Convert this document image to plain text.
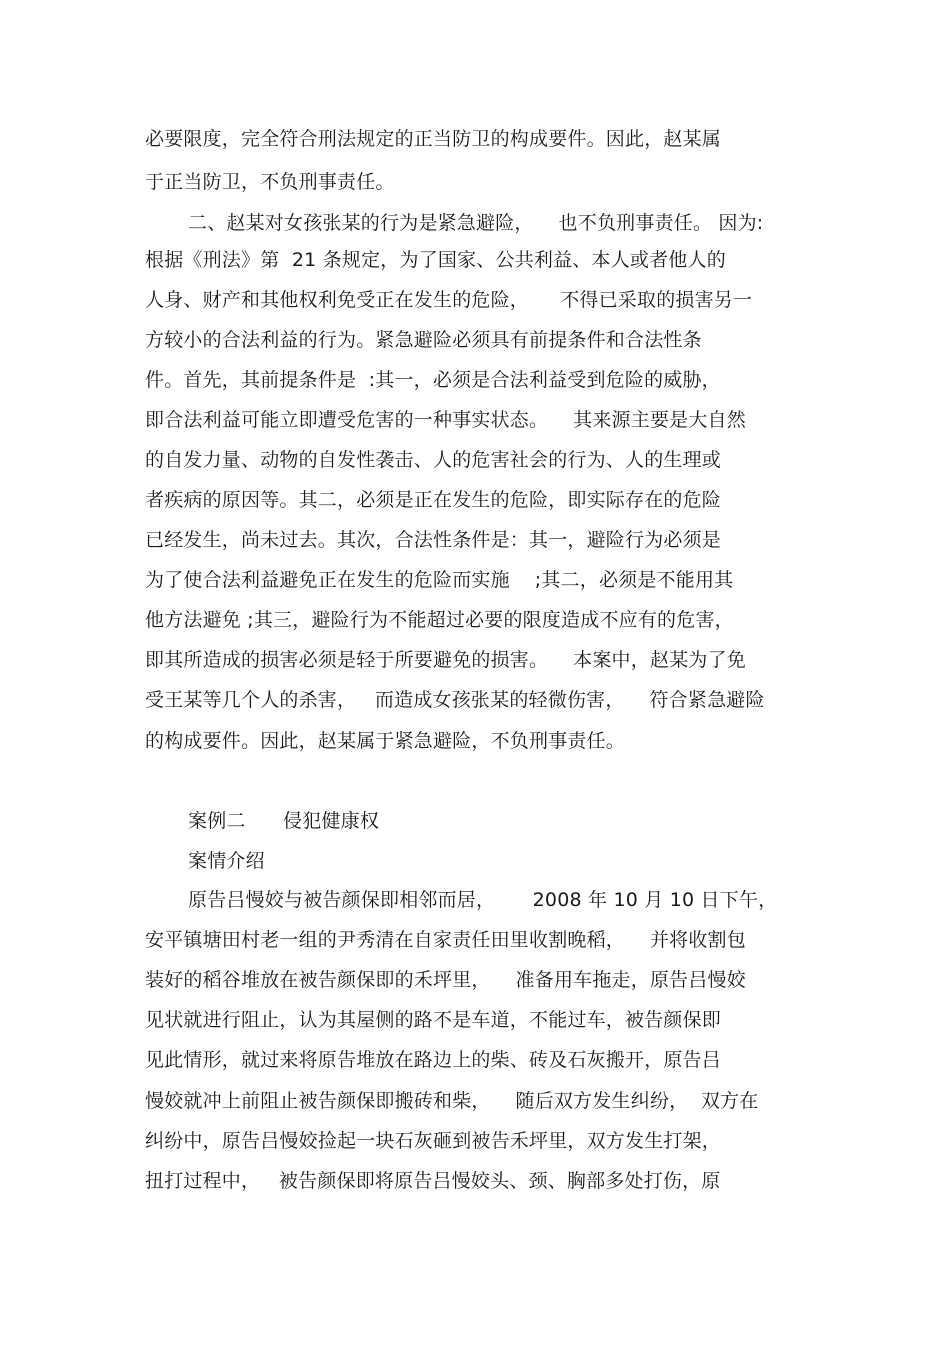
必要限度，完全符合刑法规定的正当防卫的构成要件。因此，赵某属
于正当防卫，不负刑事责任。
二、赵某对女孩张某的行为是紧急避险，    也不负刑事责任。 因为:
根据《刑法》第  21 条规定，为了国家、公共利益、本人或者他人的
人身、财产和其他权利免受正在发生的危险，     不得已采取的损害另一
方较小的合法利益的行为。紧急避险必须具有前提条件和合法性条
件。首先，其前提条件是  :其一，必须是合法利益受到危险的威胁，
即合法利益可能立即遭受危害的一种事实状态。    其来源主要是大自然
的自发力量、动物的自发性袭击、人的危害社会的行为、人的生理或
者疾病的原因等。其二，必须是正在发生的危险，即实际存在的危险
已经发生，尚未过去。其次，合法性条件是：其一，避险行为必须是
为了使合法利益避免正在发生的危险而实施    ;其二，必须是不能用其
他方法避免 ;其三，避险行为不能超过必要的限度造成不应有的危害，
即其所造成的损害必须是轻于所要避免的损害。    本案中，赵某为了免
受王某等几个人的杀害，   而造成女孩张某的轻微伤害，    符合紧急避险
的构成要件。因此，赵某属于紧急避险，不负刑事责任。
案例二      侵犯健康权
案情介绍
原告吕慢姣与被告颜保即相邻而居，      2008 年 10 月 10 日下午，
安平镇塘田村老一组的尹秀清在自家责任田里收割晚稻，    并将收割包
装好的稻谷堆放在被告颜保即的禾坪里，    准备用车拖走，原告吕慢姣
见状就进行阻止，认为其屋侧的路不是车道，不能过车，被告颜保即
见此情形，就过来将原告堆放在路边上的柴、砖及石灰搬开，原告吕
慢姣就冲上前阻止被告颜保即搬砖和柴，    随后双方发生纠纷，  双方在
纠纷中，原告吕慢姣捡起一块石灰砸到被告禾坪里，双方发生打架，
扭打过程中，   被告颜保即将原告吕慢姣头、颈、胸部多处打伤，原
